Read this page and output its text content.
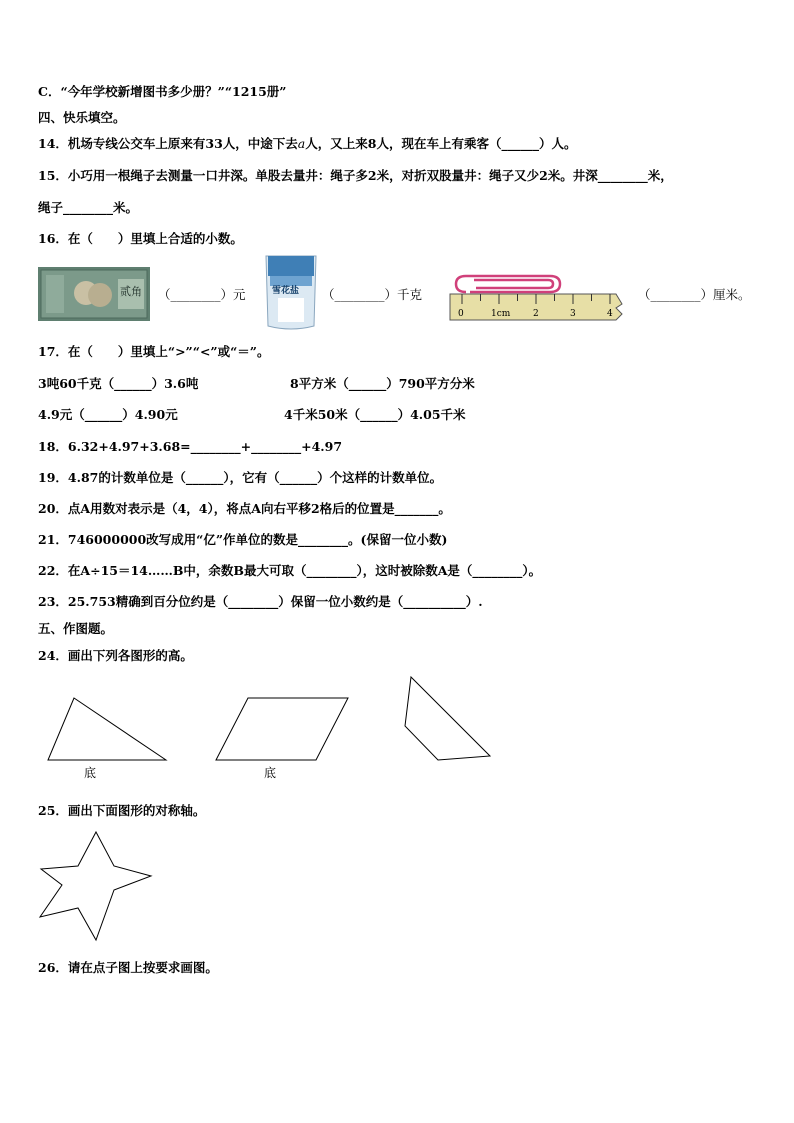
C．“今年学校新增图书多少册？”“1215册”
四、快乐填空。
14．机场专线公交车上原来有33人，中途下去a人，又上来8人，现在车上有乘客（______）人。
15．小巧用一根绳子去测量一口井深。单股去量井：绳子多2米，对折双股量井：绳子又少2米。井深________米，
绳子________米。
16．在（　　）里填上合适的小数。
贰角 （________）元	雪花盐 （________）千克
0	1cm	2	3	4
（________）厘米。
17．在（　　）里填上“>”“<”或“＝”。
3吨60千克（______）3.6吨	8平方米（______）790平方分米
4.9元（______）4.90元	4千米50米（______）4.05千米
18．6.32+4.97+3.68=________+________+4.97
19．4.87的计数单位是（______），它有（______）个这样的计数单位。
20．点A用数对表示是（4，4），将点A向右平移2格后的位置是_______。
21．746000000改写成用“亿”作单位的数是________。(保留一位小数)
22．在A÷15＝14……B中，余数B最大可取（________），这时被除数A是（________）。
23．25.753精确到百分位约是（________）保留一位小数约是（__________）.
五、作图题。
24．画出下列各图形的高。
底	底
25．画出下面图形的对称轴。
26．请在点子图上按要求画图。
